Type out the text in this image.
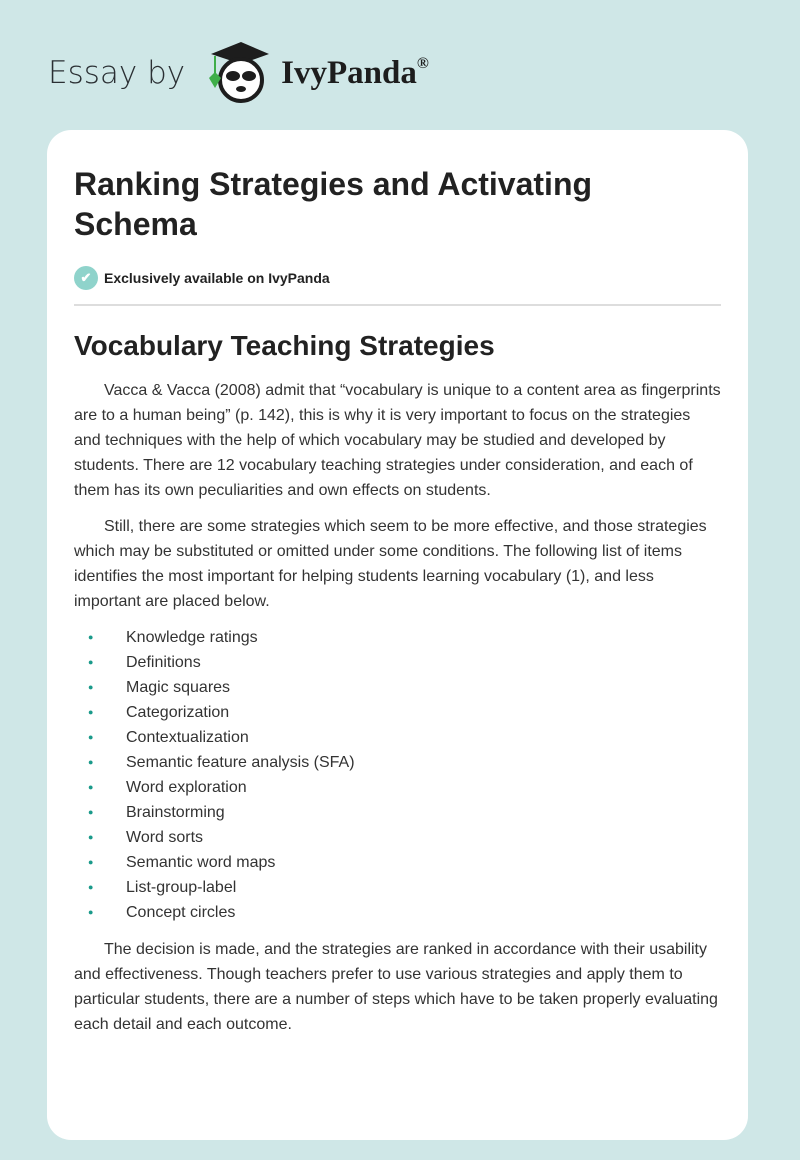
Essay by	IvyPanda®
Ranking Strategies and Activating Schema
✔ Exclusively available on IvyPanda
Vocabulary Teaching Strategies

Vacca & Vacca (2008) admit that “vocabulary is unique to a content area as fingerprints are to a human being” (p. 142), this is why it is very important to focus on the strategies and techniques with the help of which vocabulary may be studied and developed by students. There are 12 vocabulary teaching strategies under consideration, and each of them has its own peculiarities and own effects on students.

Still, there are some strategies which seem to be more effective, and those strategies which may be substituted or omitted under some conditions. The following list of items identifies the most important for helping students learning vocabulary (1), and less important are placed below.

●	Knowledge ratings
●	Definitions
●	Magic squares
●	Categorization
●	Contextualization
●	Semantic feature analysis (SFA)
●	Word exploration
●	Brainstorming
●	Word sorts
●	Semantic word maps
●	List-group-label
●	Concept circles

The decision is made, and the strategies are ranked in accordance with their usability and effectiveness. Though teachers prefer to use various strategies and apply them to particular students, there are a number of steps which have to be taken properly evaluating each detail and each outcome.
